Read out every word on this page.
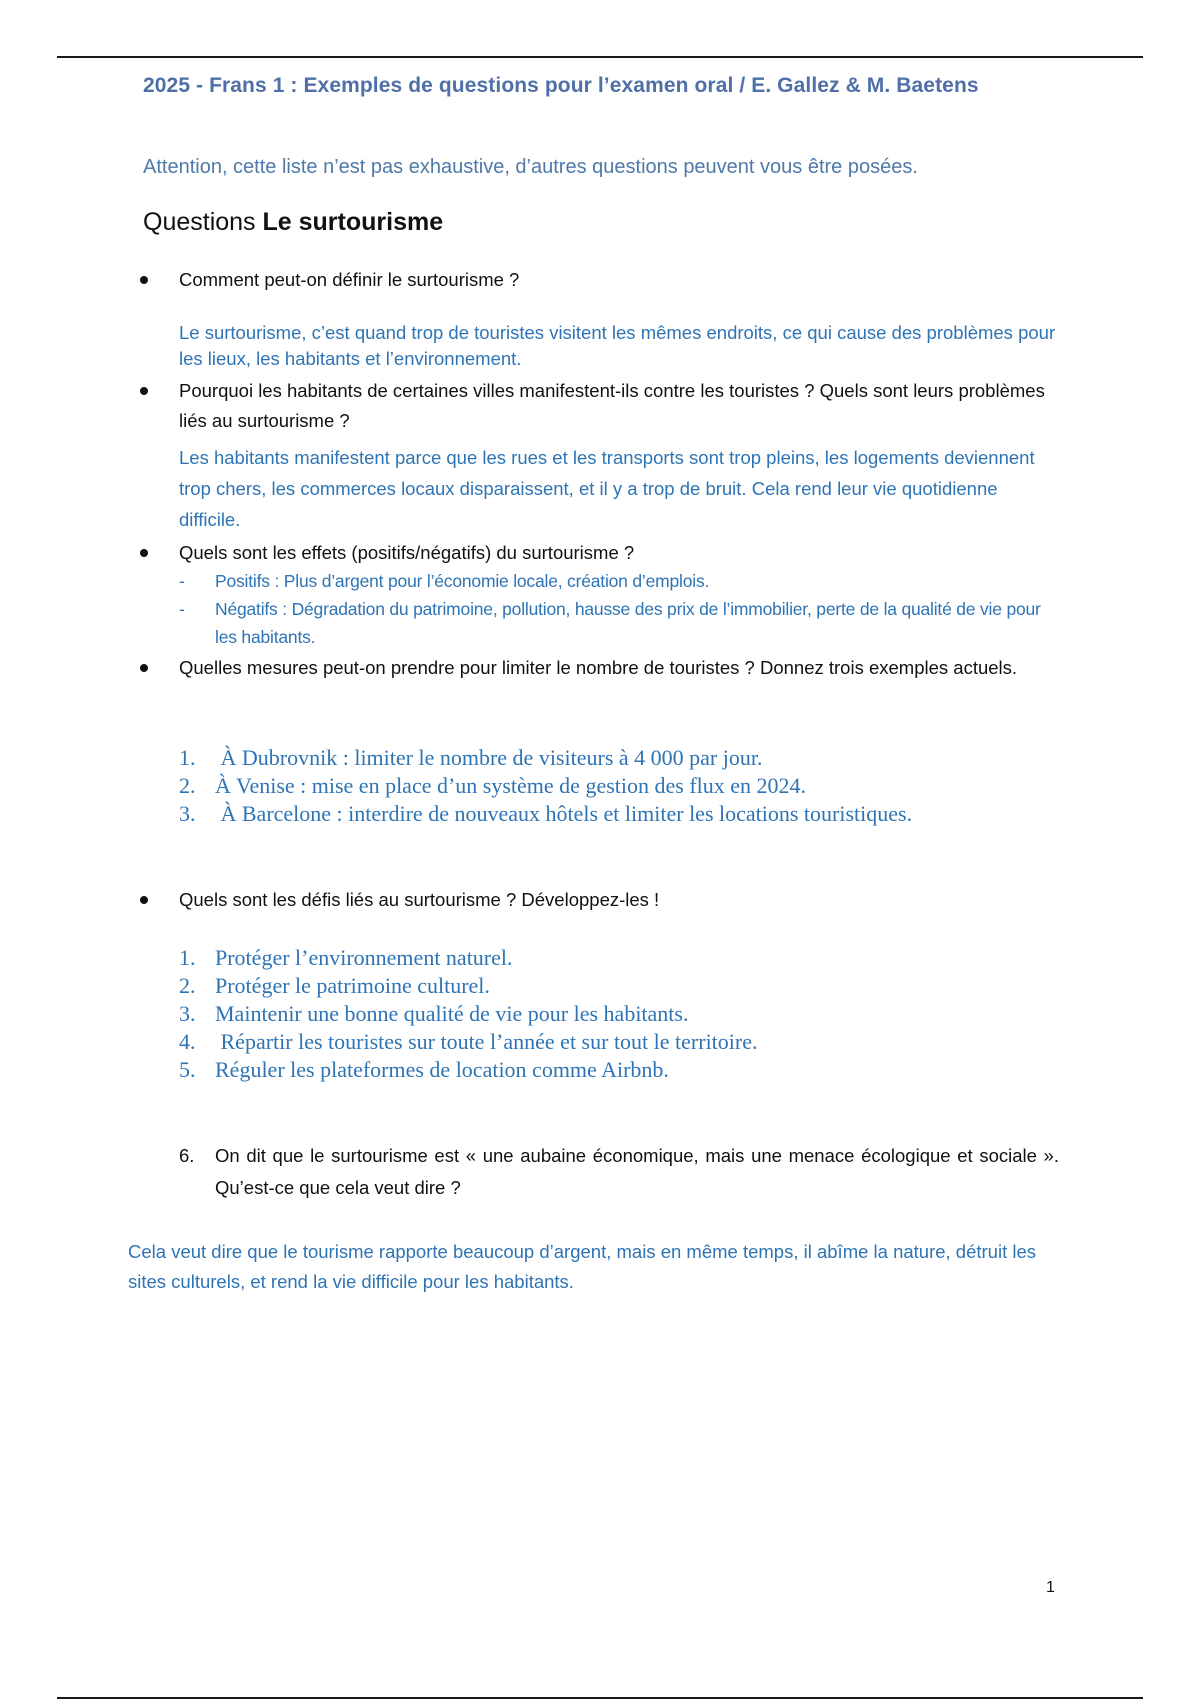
2025 - Frans 1 : Exemples de questions pour l’examen oral / E. Gallez & M. Baetens
Attention, cette liste n’est pas exhaustive, d’autres questions peuvent vous être posées.
Questions Le surtourisme
Comment peut-on définir le surtourisme ?
Le surtourisme, c’est quand trop de touristes visitent les mêmes endroits, ce qui cause des problèmes pour les lieux, les habitants et l’environnement.
Pourquoi les habitants de certaines villes manifestent-ils contre les touristes ? Quels sont leurs problèmes liés au surtourisme ?
Les habitants manifestent parce que les rues et les transports sont trop pleins, les logements deviennent trop chers, les commerces locaux disparaissent, et il y a trop de bruit. Cela rend leur vie quotidienne difficile.
Quels sont les effets (positifs/négatifs) du surtourisme ?
- Positifs : Plus d’argent pour l’économie locale, création d’emplois.
- Négatifs : Dégradation du patrimoine, pollution, hausse des prix de l’immobilier, perte de la qualité de vie pour les habitants.
Quelles mesures peut-on prendre pour limiter le nombre de touristes ? Donnez trois exemples actuels.
1. À Dubrovnik : limiter le nombre de visiteurs à 4 000 par jour.
2. À Venise : mise en place d’un système de gestion des flux en 2024.
3. À Barcelone : interdire de nouveaux hôtels et limiter les locations touristiques.
Quels sont les défis liés au surtourisme ? Développez-les !
1. Protéger l’environnement naturel.
2. Protéger le patrimoine culturel.
3. Maintenir une bonne qualité de vie pour les habitants.
4. Répartir les touristes sur toute l’année et sur tout le territoire.
5. Réguler les plateformes de location comme Airbnb.
6. On dit que le surtourisme est « une aubaine économique, mais une menace écologique et sociale ». Qu’est-ce que cela veut dire ?
Cela veut dire que le tourisme rapporte beaucoup d’argent, mais en même temps, il abîme la nature, détruit les sites culturels, et rend la vie difficile pour les habitants.
1
